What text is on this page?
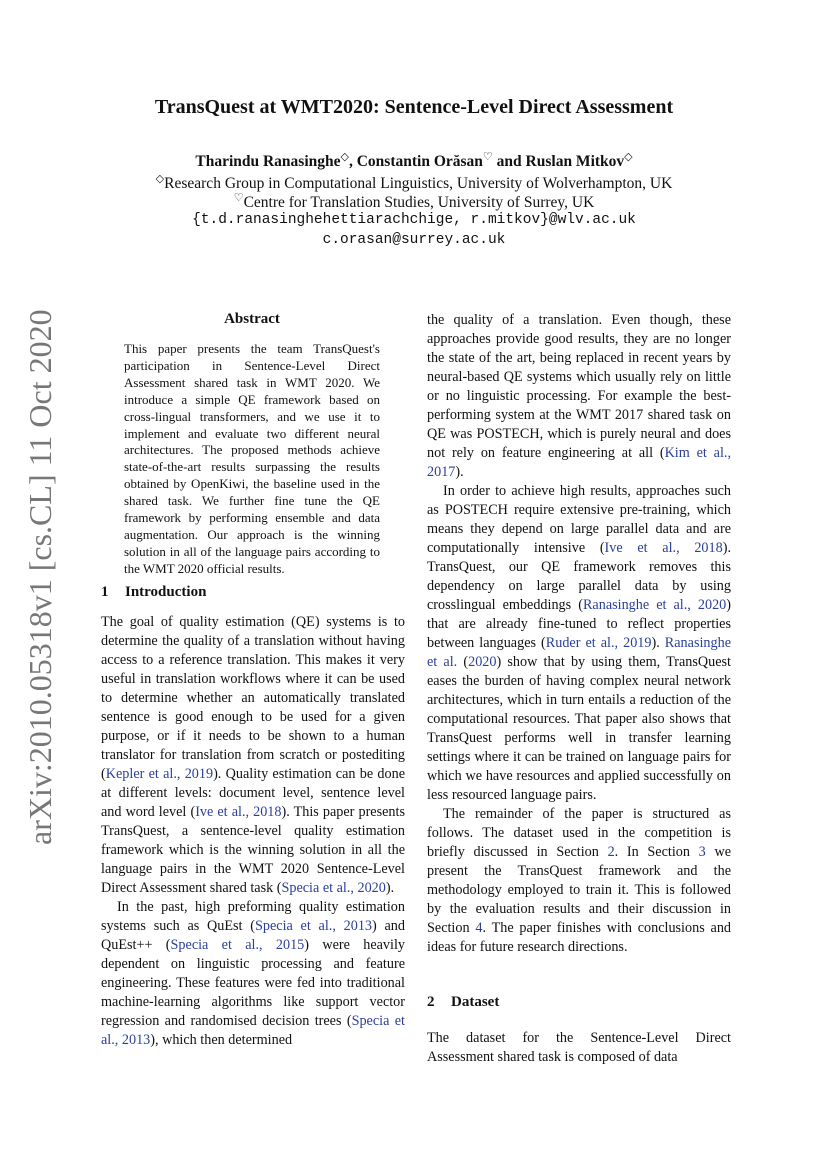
TransQuest at WMT2020: Sentence-Level Direct Assessment
Tharindu Ranasinghe◇, Constantin Orăsan♡ and Ruslan Mitkov◇
◇Research Group in Computational Linguistics, University of Wolverhampton, UK
♡Centre for Translation Studies, University of Surrey, UK
{t.d.ranasinghehettiarachchige, r.mitkov}@wlv.ac.uk
c.orasan@surrey.ac.uk
arXiv:2010.05318v1 [cs.CL] 11 Oct 2020	Abstract
This paper presents the team TransQuest's participation in Sentence-Level Direct Assessment shared task in WMT 2020. We introduce a simple QE framework based on cross-lingual transformers, and we use it to implement and evaluate two different neural architectures. The proposed methods achieve state-of-the-art results surpassing the results obtained by OpenKiwi, the baseline used in the shared task. We further fine tune the QE framework by performing ensemble and data augmentation. Our approach is the winning solution in all of the language pairs according to the WMT 2020 official results.
1 Introduction

The goal of quality estimation (QE) systems is to determine the quality of a translation without having access to a reference translation. This makes it very useful in translation workflows where it can be used to determine whether an automatically translated sentence is good enough to be used for a given purpose, or if it needs to be shown to a human translator for translation from scratch or postediting (Kepler et al., 2019). Quality estimation can be done at different levels: document level, sentence level and word level (Ive et al., 2018). This paper presents TransQuest, a sentence-level quality estimation framework which is the winning solution in all the language pairs in the WMT 2020 Sentence-Level Direct Assessment shared task (Specia et al., 2020).

In the past, high preforming quality estimation systems such as QuEst (Specia et al., 2013) and QuEst++ (Specia et al., 2015) were heavily dependent on linguistic processing and feature engineering. These features were fed into traditional machine-learning algorithms like support vector regression and randomised decision trees (Specia et al., 2013), which then determined

the quality of a translation. Even though, these approaches provide good results, they are no longer the state of the art, being replaced in recent years by neural-based QE systems which usually rely on little or no linguistic processing. For example the best-performing system at the WMT 2017 shared task on QE was POSTECH, which is purely neural and does not rely on feature engineering at all (Kim et al., 2017).

In order to achieve high results, approaches such as POSTECH require extensive pre-training, which means they depend on large parallel data and are computationally intensive (Ive et al., 2018). TransQuest, our QE framework removes this dependency on large parallel data by using crosslingual embeddings (Ranasinghe et al., 2020) that are already fine-tuned to reflect properties between languages (Ruder et al., 2019). Ranasinghe et al. (2020) show that by using them, TransQuest eases the burden of having complex neural network architectures, which in turn entails a reduction of the computational resources. That paper also shows that TransQuest performs well in transfer learning settings where it can be trained on language pairs for which we have resources and applied successfully on less resourced language pairs.

The remainder of the paper is structured as follows. The dataset used in the competition is briefly discussed in Section 2. In Section 3 we present the TransQuest framework and the methodology employed to train it. This is followed by the evaluation results and their discussion in Section 4. The paper finishes with conclusions and ideas for future research directions.

2 Dataset
The dataset for the Sentence-Level Direct Assessment shared task is composed of data
